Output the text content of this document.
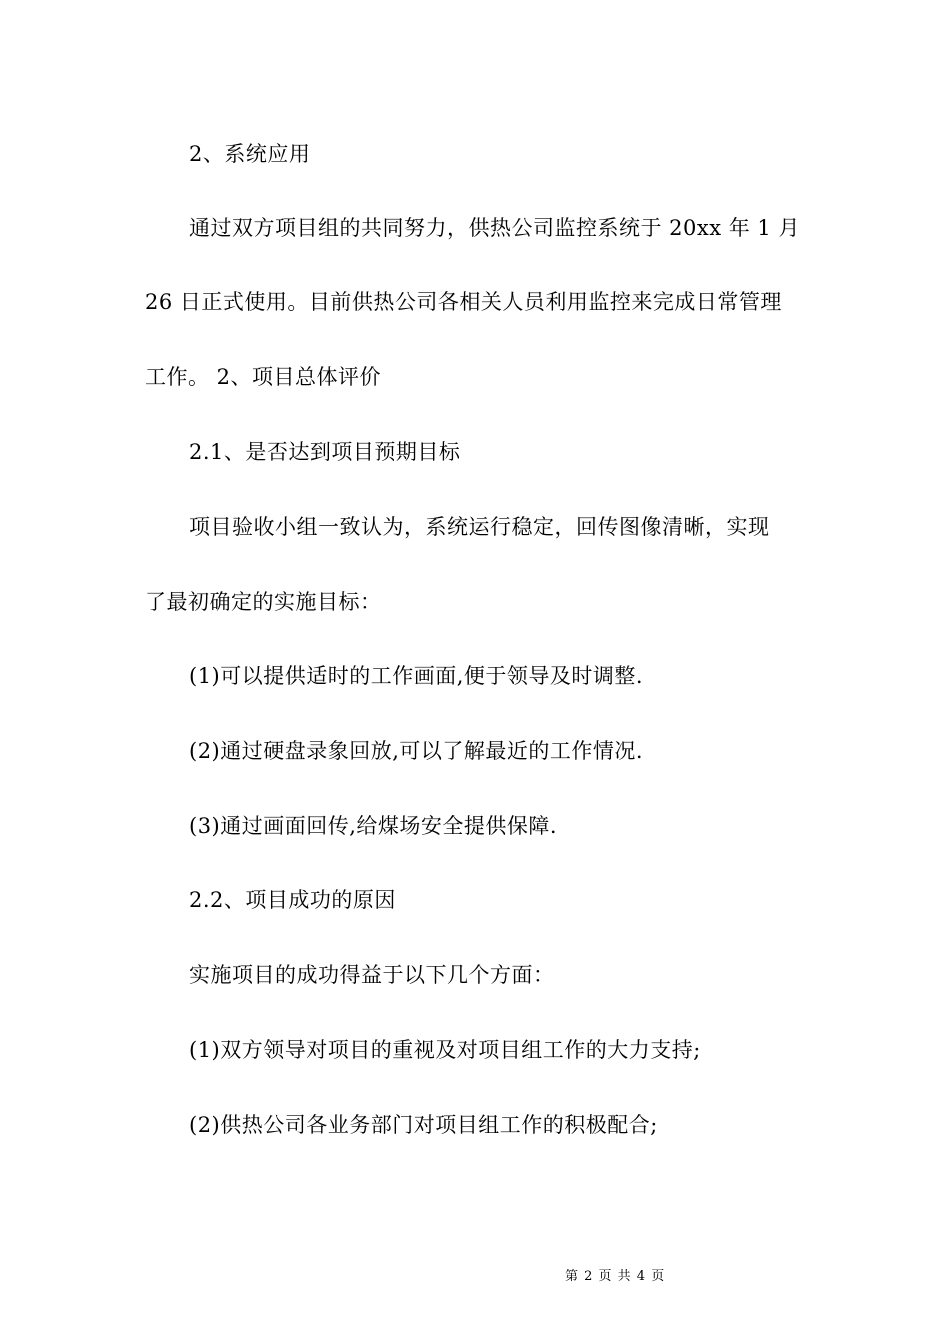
2、系统应用
通过双方项目组的共同努力，供热公司监控系统于 20xx 年 1 月
26 日正式使用。目前供热公司各相关人员利用监控来完成日常管理
工作。 2、项目总体评价
2.1、是否达到项目预期目标
项目验收小组一致认为，系统运行稳定，回传图像清晰，实现
了最初确定的实施目标：
(1)可以提供适时的工作画面,便于领导及时调整.
(2)通过硬盘录象回放,可以了解最近的工作情况.
(3)通过画面回传,给煤场安全提供保障.
2.2、项目成功的原因
实施项目的成功得益于以下几个方面：
(1)双方领导对项目的重视及对项目组工作的大力支持;
(2)供热公司各业务部门对项目组工作的积极配合;
第 2 页 共 4 页
